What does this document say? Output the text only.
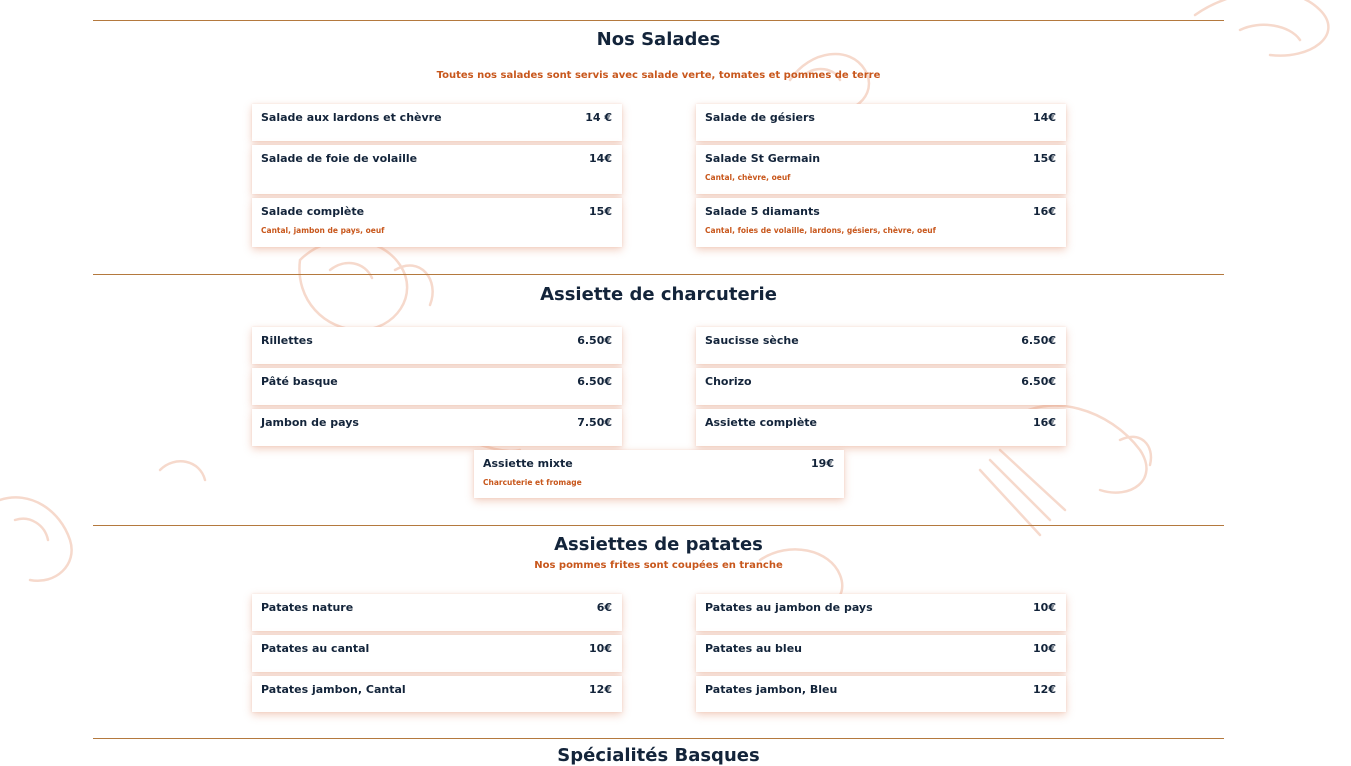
Nos Salades

Toutes nos salades sont servis avec salade verte, tomates et pommes de terre

Salade aux lardons et chèvre	14 €	Salade de gésiers	14€
Salade de foie de volaille	14€	Salade St Germain	15€
Cantal, chèvre, oeuf
Salade complète	15€
Cantal, jambon de pays, oeuf
Salade 5 diamants	16€
Cantal, foies de volaille, lardons, gésiers, chèvre, oeuf
Assiette de charcuterie
Rillettes	6.50€	Saucisse sèche	6.50€
Pâté basque	6.50€	Chorizo	6.50€
Jambon de pays	7.50€	Assiette complète	16€
Assiette mixte	19€
Charcuterie et fromage
Assiettes de patates

Nos pommes frites sont coupées en tranche

Patates nature	6€	Patates au jambon de pays	10€
Patates au cantal	10€	Patates au bleu	10€
Patates jambon, Cantal	12€	Patates jambon, Bleu	12€
Spécialités Basques
